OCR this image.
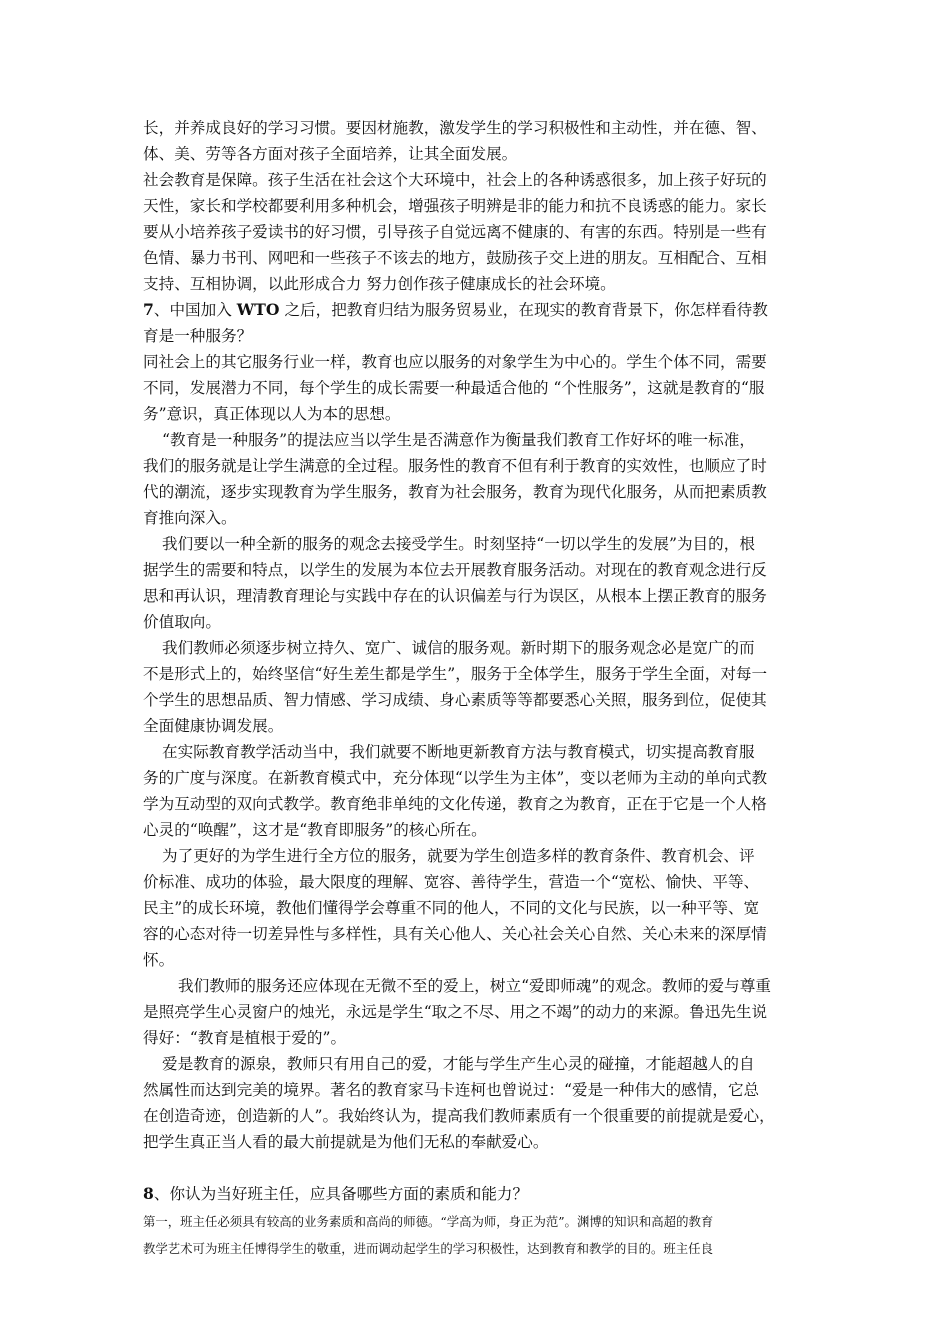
长，并养成良好的学习习惯。要因材施教，激发学生的学习积极性和主动性，并在德、智、
体、美、劳等各方面对孩子全面培养，让其全面发展。
社会教育是保障。孩子生活在社会这个大环境中，社会上的各种诱惑很多，加上孩子好玩的
天性，家长和学校都要利用多种机会，增强孩子明辨是非的能力和抗不良诱惑的能力。家长
要从小培养孩子爱读书的好习惯，引导孩子自觉远离不健康的、有害的东西。特别是一些有
色情、暴力书刊、网吧和一些孩子不该去的地方，鼓励孩子交上进的朋友。互相配合、互相
支持、互相协调，以此形成合力 努力创作孩子健康成长的社会环境。
7、中国加入 WTO 之后，把教育归结为服务贸易业，在现实的教育背景下，你怎样看待教
育是一种服务？
同社会上的其它服务行业一样，教育也应以服务的对象学生为中心的。学生个体不同，需要
不同，发展潜力不同，每个学生的成长需要一种最适合他的 “个性服务”，这就是教育的“服
务”意识，真正体现以人为本的思想。
“教育是一种服务”的提法应当以学生是否满意作为衡量我们教育工作好坏的唯一标准，
我们的服务就是让学生满意的全过程。服务性的教育不但有利于教育的实效性，也顺应了时
代的潮流，逐步实现教育为学生服务，教育为社会服务，教育为现代化服务，从而把素质教
育推向深入。
我们要以一种全新的服务的观念去接受学生。时刻坚持“一切以学生的发展”为目的，根
据学生的需要和特点，以学生的发展为本位去开展教育服务活动。对现在的教育观念进行反
思和再认识，理清教育理论与实践中存在的认识偏差与行为误区，从根本上摆正教育的服务
价值取向。
我们教师必须逐步树立持久、宽广、诚信的服务观。新时期下的服务观念必是宽广的而
不是形式上的，始终坚信“好生差生都是学生”，服务于全体学生，服务于学生全面，对每一
个学生的思想品质、智力情感、学习成绩、身心素质等等都要悉心关照，服务到位，促使其
全面健康协调发展。
在实际教育教学活动当中，我们就要不断地更新教育方法与教育模式，切实提高教育服
务的广度与深度。在新教育模式中，充分体现“以学生为主体”，变以老师为主动的单向式教
学为互动型的双向式教学。教育绝非单纯的文化传递，教育之为教育，正在于它是一个人格
心灵的“唤醒”，这才是“教育即服务”的核心所在。
为了更好的为学生进行全方位的服务，就要为学生创造多样的教育条件、教育机会、评
价标准、成功的体验，最大限度的理解、宽容、善待学生，营造一个“宽松、愉快、平等、
民主”的成长环境，教他们懂得学会尊重不同的他人，不同的文化与民族，以一种平等、宽
容的心态对待一切差异性与多样性，具有关心他人、关心社会关心自然、关心未来的深厚情
怀。
我们教师的服务还应体现在无微不至的爱上，树立“爱即师魂”的观念。教师的爱与尊重
是照亮学生心灵窗户的烛光，永远是学生“取之不尽、用之不竭”的动力的来源。鲁迅先生说
得好：“教育是植根于爱的”。
爱是教育的源泉，教师只有用自己的爱，才能与学生产生心灵的碰撞，才能超越人的自
然属性而达到完美的境界。著名的教育家马卡连柯也曾说过：“爱是一种伟大的感情，它总
在创造奇迹，创造新的人”。我始终认为，提高我们教师素质有一个很重要的前提就是爱心，
把学生真正当人看的最大前提就是为他们无私的奉献爱心。
8、你认为当好班主任，应具备哪些方面的素质和能力？
第一，班主任必须具有较高的业务素质和高尚的师德。“学高为师，身正为范”。渊博的知识和高超的教育
教学艺术可为班主任博得学生的敬重，进而调动起学生的学习积极性，达到教育和教学的目的。班主任良
